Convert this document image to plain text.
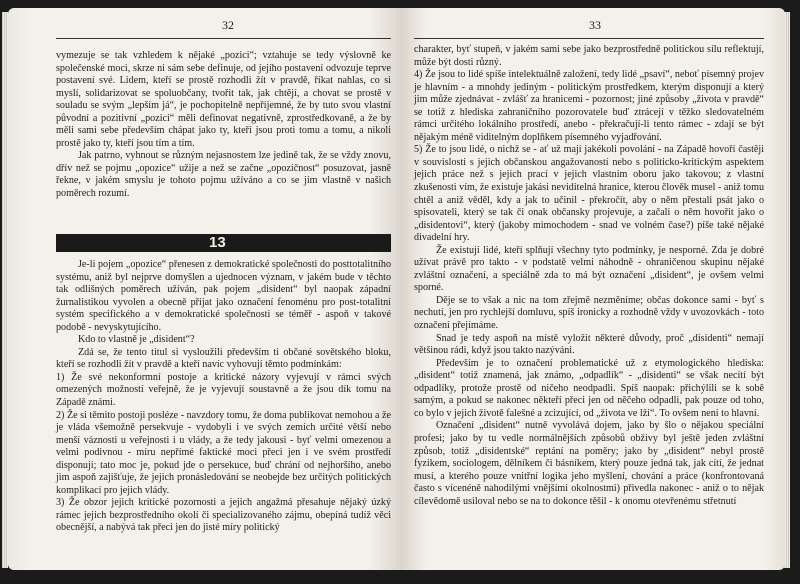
32

vymezuje se tak vzhledem k nějaké „pozici“; vztahuje se tedy výslovně ke společenské moci, skrze ni sám sebe definuje, od jejího postavení odvozuje teprve postavení své. Lidem, kteří se prostě rozhodli žít v pravdě, říkat nahlas, co si myslí, solidarizovat se spoluobčany, tvořit tak, jak chtějí, a chovat se prostě v souladu se svým „lepším já“, je pochopitelně nepříjemné, že by tuto svou vlastní původní a pozitivní „pozici“ měli definovat negativně, zprostředkovaně, a že by měli sami sebe především chápat jako ty, kteří jsou proti tomu a tomu, a nikoli prostě jako ty, kteří jsou tím a tím.

Jak patrno, vyhnout se různým nejasnostem lze jedině tak, že se vždy znovu, dřív než se pojmu „opozice“ užije a než se začne „opozičnost“ posuzovat, jasně řekne, v jakém smyslu je tohoto pojmu užíváno a co se jím vlastně v našich poměrech rozumí.

13

Je-li pojem „opozice“ přenesen z demokratické společnosti do posttotalitního systému, aniž byl nejprve domyšlen a ujednocen význam, v jakém bude v těchto tak odlišných poměrech užíván, pak pojem „disident“ byl naopak západní žurnalistikou vyvolen a obecně přijat jako označení fenoménu pro post-totalitní systém specifického a v demokratické společnosti se téměř - aspoň v takové podobě - nevyskytujícího.

Kdo to vlastně je „disident“?

Zdá se, že tento titul si vysloužili především ti občané sovětského bloku, kteří se rozhodli žít v pravdě a kteří navíc vyhovují těmto podmínkám:

1) Že své nekonformní postoje a kritické názory vyjevují v rámci svých omezených možností veřejně, že je vyjevují soustavně a že jsou dík tomu na Západě známi.

2) Že si těmito postoji posléze - navzdory tomu, že doma publikovat nemohou a že je vláda všemožně persekvuje - vydobyli i ve svých zemích určité větší nebo menší váznosti u veřejnosti i u vlády, a že tedy jakousi - byť velmi omezenou a velmi podivnou - míru nepřímé faktické moci přeci jen i ve svém prostředí disponují; tato moc je, pokud jde o persekuce, buď chrání od nejhoršího, anebo jim aspoň zajišťuje, že jejich pronásledování se neobejde bez určitých politických komplikací pro jejich vlády.

3) Že obzor jejich kritické pozornosti a jejich angažmá přesahuje nějaký úzký rámec jejich bezprostředního okolí či specializovaného zájmu, obepíná tudíž věci obecnější, a nabývá tak přeci jen do jisté míry politický

33

charakter, byť stupeň, v jakém sami sebe jako bezprostředně politickou sílu reflektují, může být dosti různý.

4) Že jsou to lidé spíše intelektuálně založení, tedy lidé „psaví“, neboť písemný projev je hlavním - a mnohdy jediným - politickým prostředkem, kterým disponují a který jim může zjednávat - zvlášť za hranicemi - pozornost; jiné způsoby „života v pravdě“ se totiž z hlediska zahraničního pozorovatele buď ztrácejí v těžko sledovatelném rámci určitého lokálního prostředí, anebo - překračují-li tento rámec - zdají se být nějakým méně viditelným doplňkem písemného vyjadřování.

5) Že to jsou lidé, o nichž se - ať už mají jakékoli povolání - na Západě hovoří častěji v souvislosti s jejich občanskou angažovaností nebo s politicko-kritickým aspektem jejich práce než s jejich prací v jejich vlastním oboru jako takovou; z vlastní zkušenosti vím, že existuje jakási neviditelná hranice, kterou člověk musel - aniž tomu chtěl a aniž věděl, kdy a jak to učinil - překročit, aby o něm přestali psát jako o spisovateli, který se tak či onak občansky projevuje, a začali o něm hovořit jako o „disidentovi“, který (jakoby mimochodem - snad ve volném čase?) píše také nějaké divadelní hry.

Že existují lidé, kteří splňují všechny tyto podmínky, je nesporné. Zda je dobré užívat právě pro takto - v podstatě velmi náhodně - ohraničenou skupinu nějaké zvláštní označení, a speciálně zda to má být označení „disident“, je ovšem velmi sporné.

Děje se to však a nic na tom zřejmě nezměníme; občas dokonce sami - byť s nechutí, jen pro rychlejší domluvu, spíš ironicky a rozhodně vždy v uvozovkách - toto označení přejímáme.

Snad je tedy aspoň na místě vyložit některé důvody, proč „disidenti“ nemají většinou rádi, když jsou takto nazýváni.

Především je to označení problematické už z etymologického hlediska: „disident“ totiž znamená, jak známo, „odpadlík“ - „disidenti“ se však necítí být odpadlíky, protože prostě od ničeho neodpadli. Spíš naopak: přichýlili se k sobě samým, a pokud se nakonec někteří přeci jen od něčeho odpadli, pak pouze od toho, co bylo v jejich životě falešné a zcizující, od „života ve lži“. To ovšem není to hlavní.

Označení „disident“ nutně vyvolává dojem, jako by šlo o nějakou speciální profesi; jako by tu vedle normálnějších způsobů obživy byl ještě jeden zvláštní způsob, totiž „disidentské“ reptání na poměry; jako by „disident“ nebyl prostě fyzikem, sociologem, dělníkem či básníkem, který pouze jedná tak, jak cítí, že jednat musí, a kterého pouze vnitřní logika jeho myšlení, chování a práce (konfrontovaná často s vícenéně nahodilými vnějšími okolnostmi) přivedla nakonec - aniž o to nějak cílevědomě usiloval nebo se na to dokonce těšil - k onomu otevřenému střetnutí
